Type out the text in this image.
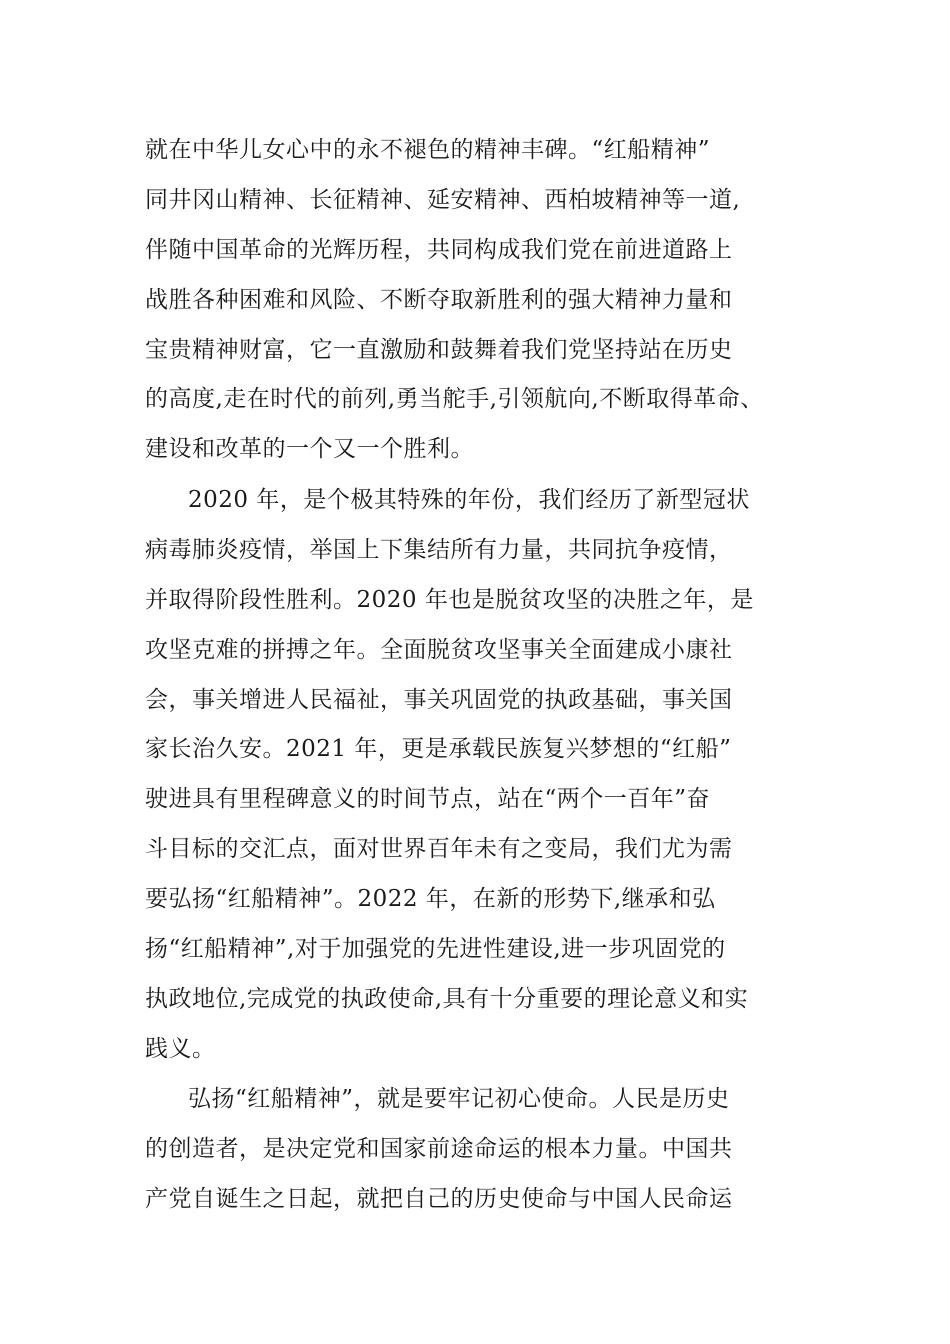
就在中华儿女心中的永不褪色的精神丰碑。“红船精神”
同井冈山精神、长征精神、延安精神、西柏坡精神等一道,
伴随中国革命的光辉历程，共同构成我们党在前进道路上
战胜各种困难和风险、不断夺取新胜利的强大精神力量和
宝贵精神财富，它一直激励和鼓舞着我们党坚持站在历史
的高度,走在时代的前列,勇当舵手,引领航向,不断取得革命、
建设和改革的一个又一个胜利。
2020 年，是个极其特殊的年份，我们经历了新型冠状
病毒肺炎疫情，举国上下集结所有力量，共同抗争疫情，
并取得阶段性胜利。2020 年也是脱贫攻坚的决胜之年，是
攻坚克难的拼搏之年。全面脱贫攻坚事关全面建成小康社
会，事关增进人民福祉，事关巩固党的执政基础，事关国
家长治久安。2021 年，更是承载民族复兴梦想的“红船”
驶进具有里程碑意义的时间节点，站在“两个一百年”奋
斗目标的交汇点，面对世界百年未有之变局，我们尤为需
要弘扬“红船精神”。2022 年，在新的形势下,继承和弘
扬“红船精神”,对于加强党的先进性建设,进一步巩固党的
执政地位,完成党的执政使命,具有十分重要的理论意义和实
践义。
弘扬“红船精神”，就是要牢记初心使命。人民是历史
的创造者，是决定党和国家前途命运的根本力量。中国共
产党自诞生之日起，就把自己的历史使命与中国人民命运
